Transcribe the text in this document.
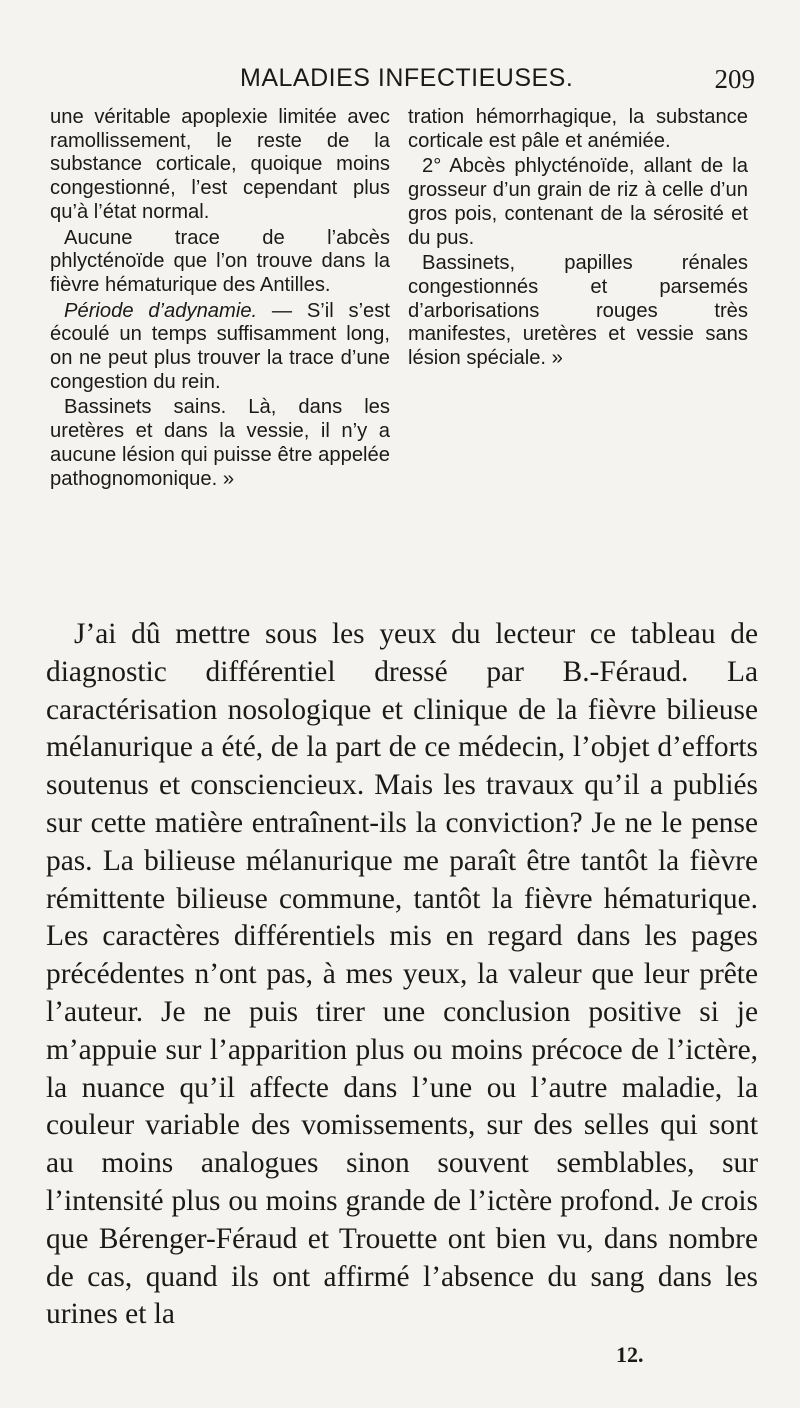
MALADIES INFECTIEUSES.	209

une véritable apoplexie limitée avec ramollissement, le reste de la substance corticale, quoique moins congestionné, l’est cependant plus qu’à l’état normal.

Aucune trace de l’abcès phlycténoïde que l’on trouve dans la fièvre hématurique des Antilles.

Période d’adynamie. — S’il s’est écoulé un temps suffisamment long, on ne peut plus trouver la trace d’une congestion du rein.

Bassinets sains. Là, dans les uretères et dans la vessie, il n’y a aucune lésion qui puisse être appelée pathognomonique. »

tration hémorrhagique, la substance corticale est pâle et anémiée.

2° Abcès phlycténoïde, allant de la grosseur d’un grain de riz à celle d’un gros pois, contenant de la sérosité et du pus.

Bassinets, papilles rénales congestionnés et parsemés d’arborisations rouges très manifestes, uretères et vessie sans lésion spéciale. »

J’ai dû mettre sous les yeux du lecteur ce tableau de diagnostic différentiel dressé par B.-Féraud. La caractérisation nosologique et clinique de la fièvre bilieuse mélanurique a été, de la part de ce médecin, l’objet d’efforts soutenus et consciencieux. Mais les travaux qu’il a publiés sur cette matière entraînent-ils la conviction? Je ne le pense pas. La bilieuse mélanurique me paraît être tantôt la fièvre rémittente bilieuse commune, tantôt la fièvre hématurique. Les caractères différentiels mis en regard dans les pages précédentes n’ont pas, à mes yeux, la valeur que leur prête l’auteur. Je ne puis tirer une conclusion positive si je m’appuie sur l’apparition plus ou moins précoce de l’ictère, la nuance qu’il affecte dans l’une ou l’autre maladie, la couleur variable des vomissements, sur des selles qui sont au moins analogues sinon souvent semblables, sur l’intensité plus ou moins grande de l’ictère profond. Je crois que Bérenger-Féraud et Trouette ont bien vu, dans nombre de cas, quand ils ont affirmé l’absence du sang dans les urines et la

12.
